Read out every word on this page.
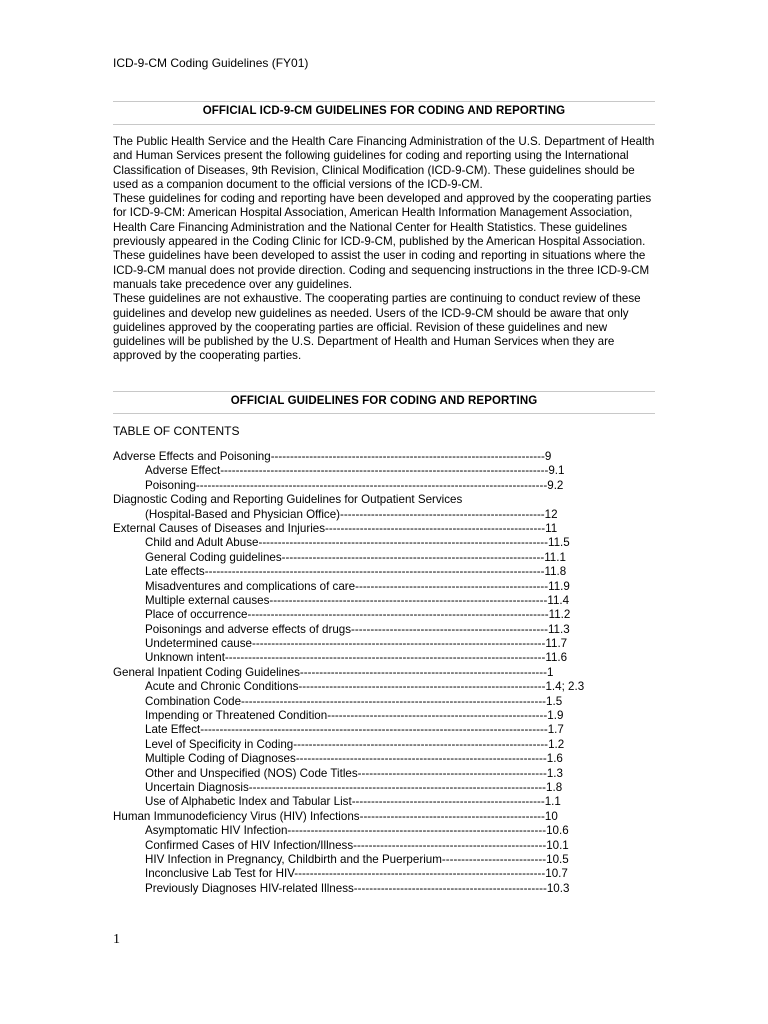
ICD-9-CM Coding Guidelines (FY01)
OFFICIAL ICD-9-CM GUIDELINES FOR CODING AND REPORTING

The Public Health Service and the Health Care Financing Administration of the U.S. Department of Health and Human Services present the following guidelines for coding and reporting using the International Classification of Diseases, 9th Revision, Clinical Modification (ICD-9-CM). These guidelines should be used as a companion document to the official versions of the ICD-9-CM.

These guidelines for coding and reporting have been developed and approved by the cooperating parties for ICD-9-CM: American Hospital Association, American Health Information Management Association, Health Care Financing Administration and the National Center for Health Statistics. These guidelines previously appeared in the Coding Clinic for ICD-9-CM, published by the American Hospital Association.

These guidelines have been developed to assist the user in coding and reporting in situations where the ICD-9-CM manual does not provide direction. Coding and sequencing instructions in the three ICD-9-CM manuals take precedence over any guidelines.

These guidelines are not exhaustive. The cooperating parties are continuing to conduct review of these guidelines and develop new guidelines as needed. Users of the ICD-9-CM should be aware that only guidelines approved by the cooperating parties are official. Revision of these guidelines and new guidelines will be published by the U.S. Department of Health and Human Services when they are approved by the cooperating parties.

OFFICIAL GUIDELINES FOR CODING AND REPORTING
TABLE OF CONTENTS
Adverse Effects and Poisoning-----------------------------------------------------------------------9
Adverse Effect-------------------------------------------------------------------------------------9.1
Poisoning-------------------------------------------------------------------------------------------9.2
Diagnostic Coding and Reporting Guidelines for Outpatient Services
(Hospital-Based and Physician Office)-----------------------------------------------------12
External Causes of Diseases and Injuries---------------------------------------------------------11
Child and Adult Abuse---------------------------------------------------------------------------11.5
General Coding guidelines--------------------------------------------------------------------11.1
Late effects----------------------------------------------------------------------------------------11.8
Misadventures and complications of care--------------------------------------------------11.9
Multiple external causes------------------------------------------------------------------------11.4
Place of occurrence------------------------------------------------------------------------------11.2
Poisonings and adverse effects of drugs---------------------------------------------------11.3
Undetermined cause----------------------------------------------------------------------------11.7
Unknown intent-----------------------------------------------------------------------------------11.6
General Inpatient Coding Guidelines----------------------------------------------------------------1
Acute and Chronic Conditions----------------------------------------------------------------1.4; 2.3
Combination Code-------------------------------------------------------------------------------1.5
Impending or Threatened Condition---------------------------------------------------------1.9
Late Effect------------------------------------------------------------------------------------------1.7
Level of Specificity in Coding------------------------------------------------------------------1.2
Multiple Coding of Diagnoses-----------------------------------------------------------------1.6
Other and Unspecified (NOS) Code Titles-------------------------------------------------1.3
Uncertain Diagnosis-----------------------------------------------------------------------------1.8
Use of Alphabetic Index and Tabular List--------------------------------------------------1.1
Human Immunodeficiency Virus (HIV) Infections------------------------------------------------10
Asymptomatic HIV Infection-------------------------------------------------------------------10.6
Confirmed Cases of HIV Infection/Illness--------------------------------------------------10.1
HIV Infection in Pregnancy, Childbirth and the Puerperium---------------------------10.5
Inconclusive Lab Test for HIV-----------------------------------------------------------------10.7
Previously Diagnoses HIV-related Illness--------------------------------------------------10.3
1
